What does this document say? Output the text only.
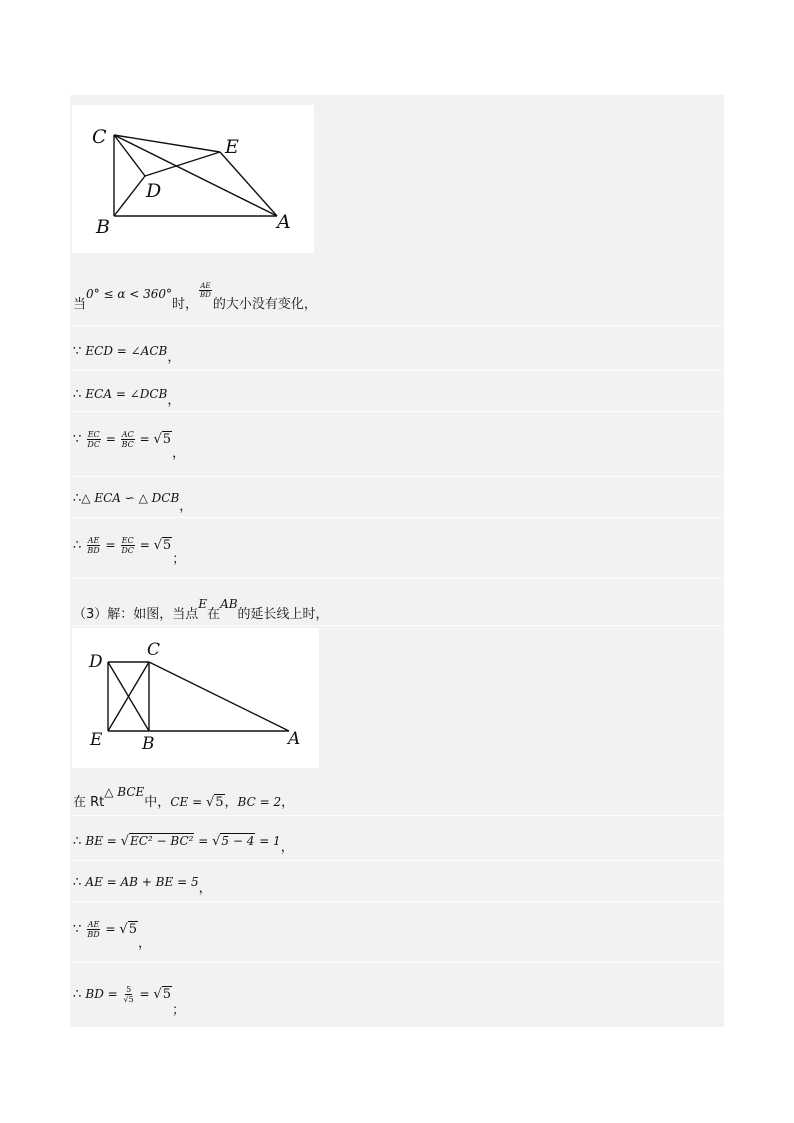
C	E
D
B	A
当0° ≤ α < 360°时，
$\frac{AE}{BD}$
的大小没有变化，
∵ ECD = ∠ACB，
∴ ECA = ∠DCB，
∵ $\frac{EC}{DC} = \frac{AC}{BC} = √5$，
∴△ ECA ∽ △ DCB，
∴ $\frac{AE}{BD} = \frac{EC}{DC} = √5$；
（3）解：如图，当点E在AB的延长线上时，
D
C
E B	A
在 Rt△ BCE中，CE = √5，BC = 2，
∴ BE = √EC² − BC² = √5 − 4 = 1，
∴ AE = AB + BE = 5，
∵ $\frac{AE}{BD} = √5$，
∴ BD = $\frac{5}{√5} = √5$；
